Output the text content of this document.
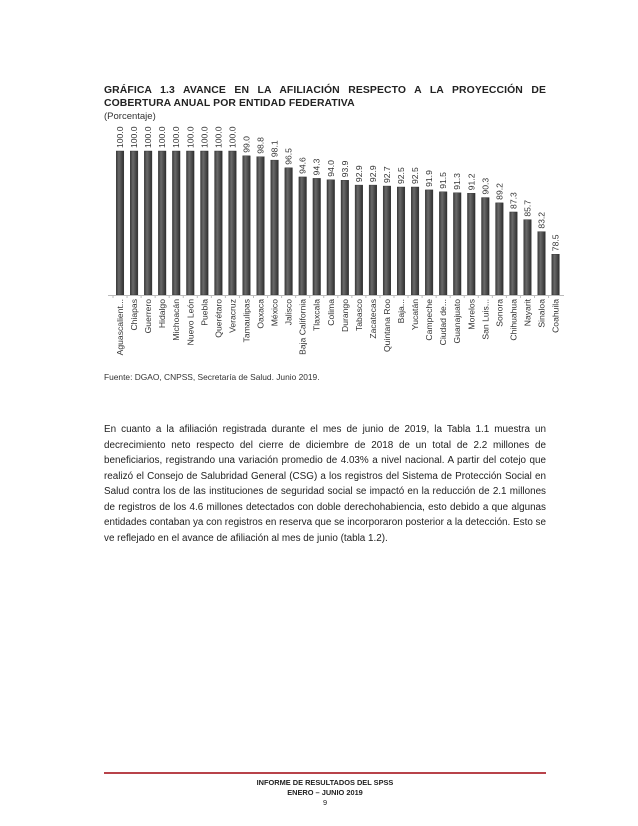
GRÁFICA 1.3 AVANCE EN LA AFILIACIÓN RESPECTO A LA PROYECCIÓN DE COBERTURA ANUAL POR ENTIDAD FEDERATIVA
(Porcentaje)
100.0 100.0 100.0 100.0 100.0 100.0 100.0 100.0 100.0 99.0 98.8 98.1 96.5
94.6 94.3 94.0 93.9 92.9 92.9 92.7 92.5 92.5 91.9 91.5 91.3 91.2 90.3 89.2
87.3 85.7
83.2
78.5
Aguascalient... Chiapas Guerrero Hidalgo Michoacán Nuevo León Puebla Querétaro Veracruz Tamaulipas Oaxaca México Jalisco Baja California Tlaxcala Colima Durango Tabasco Zacatecas Quintana Roo Baja... Yucatán Campeche Ciudad de... Guanajuato Morelos San Luis... Sonora Chihuahua Nayarit Sinaloa Coahuila
Fuente: DGAO, CNPSS, Secretaría de Salud. Junio 2019.
En cuanto a la afiliación registrada durante el mes de junio de 2019, la Tabla 1.1 muestra un decrecimiento neto respecto del cierre de diciembre de 2018 de un total de 2.2 millones de beneficiarios, registrando una variación promedio de 4.03% a nivel nacional. A partir del cotejo que realizó el Consejo de Salubridad General (CSG) a los registros del Sistema de Protección Social en Salud contra los de las instituciones de seguridad social se impactó en la reducción de 2.1 millones de registros de los 4.6 millones detectados con doble derechohabiencia, esto debido a que algunas entidades contaban ya con registros en reserva que se incorporaron posterior a la detección. Esto se ve reflejado en el avance de afiliación al mes de junio (tabla 1.2).
INFORME DE RESULTADOS DEL SPSS
ENERO – JUNIO 2019
9
